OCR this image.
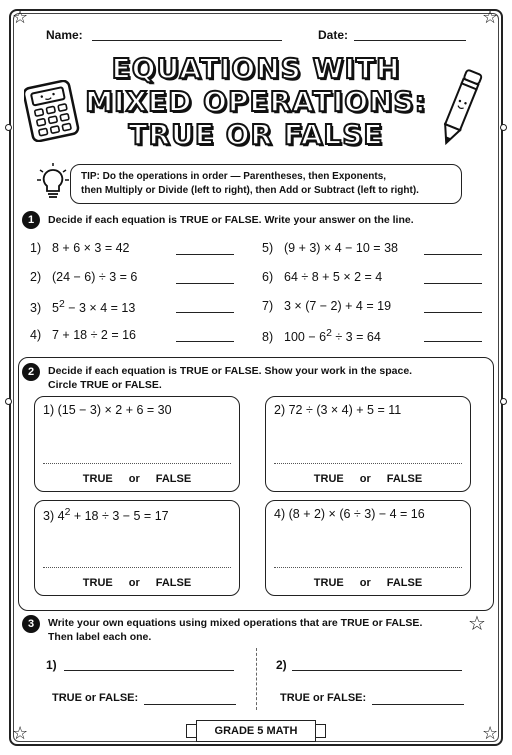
☆	☆
☆	☆
☆
Name:	Date:
EQUATIONS WITH
MIXED OPERATIONS:
TRUE OR FALSE
TIP: Do the operations in order — Parentheses, then Exponents,
then Multiply or Divide (left to right), then Add or Subtract (left to right).
1	Decide if each equation is TRUE or FALSE. Write your answer on the line.
1) 8 + 6 × 3 = 42
2) (24 − 6) ÷ 3 = 6
3) $5^2 - 3 \times 4 = 13$
4) 7 + 18 ÷ 2 = 16
5) (9 + 3) × 4 − 10 = 38
6) 64 ÷ 8 + 5 × 2 = 4
7) 3 × (7 − 2) + 4 = 19
8) $100 - 6^2 \div 3 = 64$
2	Decide if each equation is TRUE or FALSE. Show your work in the space.
Circle TRUE or FALSE.
1) (15 − 3) × 2 + 6 = 30
TRUE or FALSE
2) 72 ÷ (3 × 4) + 5 = 11
TRUE or FALSE
3) $4^2 + 18 \div 3 - 5 = 17$
TRUE or FALSE
4) (8 + 2) × (6 ÷ 3) − 4 = 16
TRUE or FALSE
3	Write your own equations using mixed operations that are TRUE or FALSE.
Then label each one.
1)	2)
TRUE or FALSE:	TRUE or FALSE:
GRADE 5 MATH
